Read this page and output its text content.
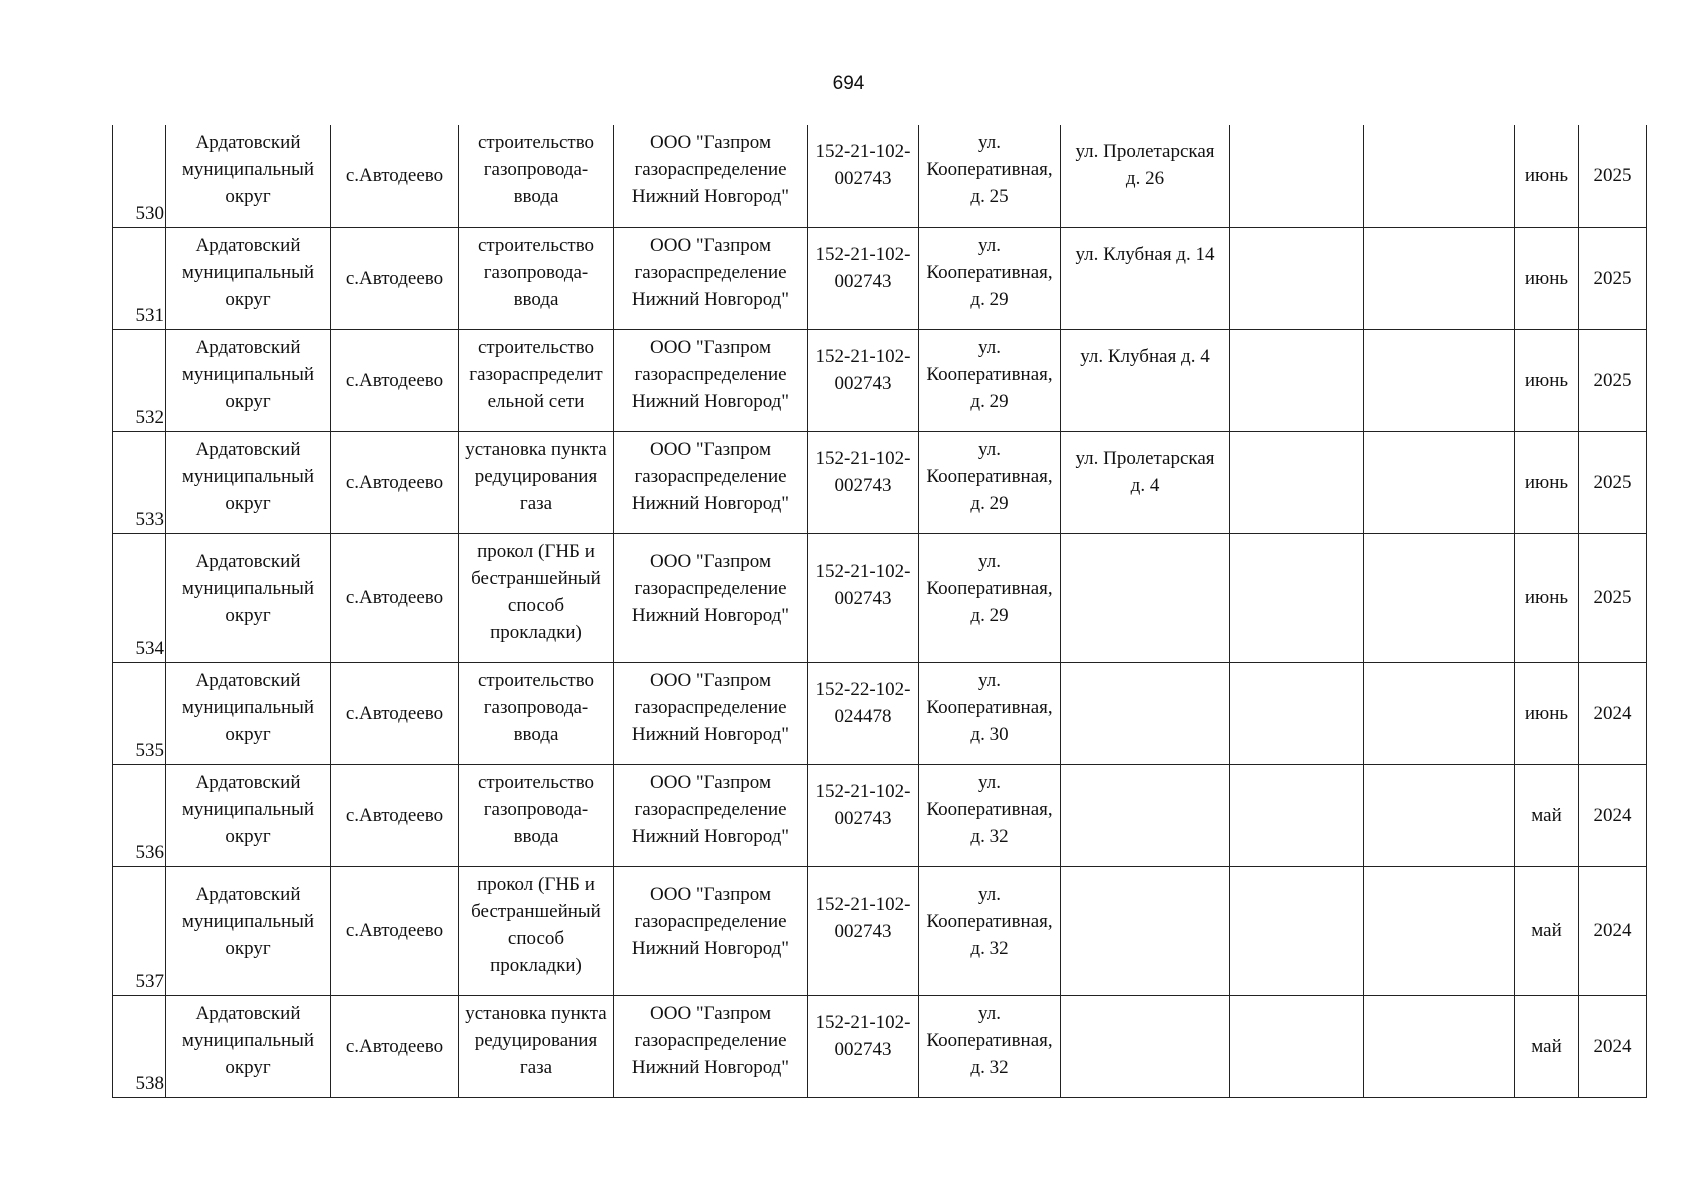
694
530	Ардатовский
муниципальный
округ	с.Автодеево	строительство
газопровода-
ввода	ООО "Газпром
газораспределение
Нижний Новгород"	152-21-102-
002743	ул.
Кооперативная,
д. 25	ул. Пролетарская
д. 26			июнь	2025
531	Ардатовский
муниципальный
округ	с.Автодеево	строительство
газопровода-
ввода	ООО "Газпром
газораспределение
Нижний Новгород"	152-21-102-
002743	ул.
Кооперативная,
д. 29	ул. Клубная д. 14			июнь	2025
532	Ардатовский
муниципальный
округ	с.Автодеево	строительство
газораспределит
ельной сети	ООО "Газпром
газораспределение
Нижний Новгород"	152-21-102-
002743	ул.
Кооперативная,
д. 29	ул. Клубная д. 4			июнь	2025
533	Ардатовский
муниципальный
округ	с.Автодеево	установка пункта
редуцирования
газа	ООО "Газпром
газораспределение
Нижний Новгород"	152-21-102-
002743	ул.
Кооперативная,
д. 29	ул. Пролетарская
д. 4			июнь	2025
534	Ардатовский
муниципальный
округ	с.Автодеево	прокол (ГНБ и
бестраншейный
способ
прокладки)	ООО "Газпром
газораспределение
Нижний Новгород"	152-21-102-
002743	ул.
Кооперативная,
д. 29				июнь	2025
535	Ардатовский
муниципальный
округ	с.Автодеево	строительство
газопровода-
ввода	ООО "Газпром
газораспределение
Нижний Новгород"	152-22-102-
024478	ул.
Кооперативная,
д. 30				июнь	2024
536	Ардатовский
муниципальный
округ	с.Автодеево	строительство
газопровода-
ввода	ООО "Газпром
газораспределение
Нижний Новгород"	152-21-102-
002743	ул.
Кооперативная,
д. 32				май	2024
537	Ардатовский
муниципальный
округ	с.Автодеево	прокол (ГНБ и
бестраншейный
способ
прокладки)	ООО "Газпром
газораспределение
Нижний Новгород"	152-21-102-
002743	ул.
Кооперативная,
д. 32				май	2024
538	Ардатовский
муниципальный
округ	с.Автодеево	установка пункта
редуцирования
газа	ООО "Газпром
газораспределение
Нижний Новгород"	152-21-102-
002743	ул.
Кооперативная,
д. 32				май	2024
